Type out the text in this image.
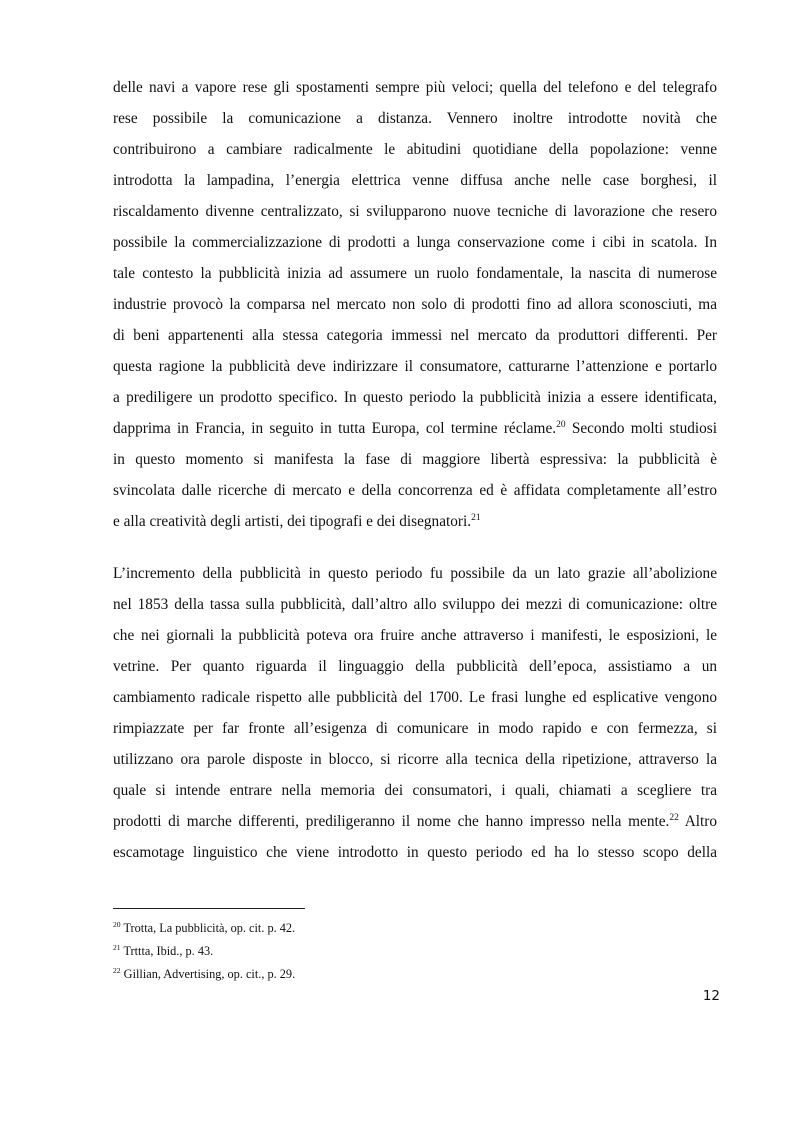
delle navi a vapore rese gli spostamenti sempre più veloci; quella del telefono e del telegrafo
rese possibile la comunicazione a distanza. Vennero inoltre introdotte novità che
contribuirono a cambiare radicalmente le abitudini quotidiane della popolazione: venne
introdotta la lampadina, l’energia elettrica venne diffusa anche nelle case borghesi, il
riscaldamento divenne centralizzato, si svilupparono nuove tecniche di lavorazione che resero
possibile la commercializzazione di prodotti a lunga conservazione come i cibi in scatola. In
tale contesto la pubblicità inizia ad assumere un ruolo fondamentale, la nascita di numerose
industrie provocò la comparsa nel mercato non solo di prodotti fino ad allora sconosciuti, ma
di beni appartenenti alla stessa categoria immessi nel mercato da produttori differenti. Per
questa ragione la pubblicità deve indirizzare il consumatore, catturarne l’attenzione e portarlo
a prediligere un prodotto specifico. In questo periodo la pubblicità inizia a essere identificata,
dapprima in Francia, in seguito in tutta Europa, col termine réclame.$^{20}$ Secondo molti studiosi
in questo momento si manifesta la fase di maggiore libertà espressiva: la pubblicità è
svincolata dalle ricerche di mercato e della concorrenza ed è affidata completamente all’estro
e alla creatività degli artisti, dei tipografi e dei disegnatori.$^{21}$
L’incremento della pubblicità in questo periodo fu possibile da un lato grazie all’abolizione
nel 1853 della tassa sulla pubblicità, dall’altro allo sviluppo dei mezzi di comunicazione: oltre
che nei giornali la pubblicità poteva ora fruire anche attraverso i manifesti, le esposizioni, le
vetrine. Per quanto riguarda il linguaggio della pubblicità dell’epoca, assistiamo a un
cambiamento radicale rispetto alle pubblicità del 1700. Le frasi lunghe ed esplicative vengono
rimpiazzate per far fronte all’esigenza di comunicare in modo rapido e con fermezza, si
utilizzano ora parole disposte in blocco, si ricorre alla tecnica della ripetizione, attraverso la
quale si intende entrare nella memoria dei consumatori, i quali, chiamati a scegliere tra
prodotti di marche differenti, prediligeranno il nome che hanno impresso nella mente.$^{22}$ Altro
escamotage linguistico che viene introdotto in questo periodo ed ha lo stesso scopo della
$^{20}$ Trotta, La pubblicità, op. cit. p. 42.
$^{21}$ Trttta, Ibid., p. 43.
$^{22}$ Gillian, Advertising, op. cit., p. 29.
12
